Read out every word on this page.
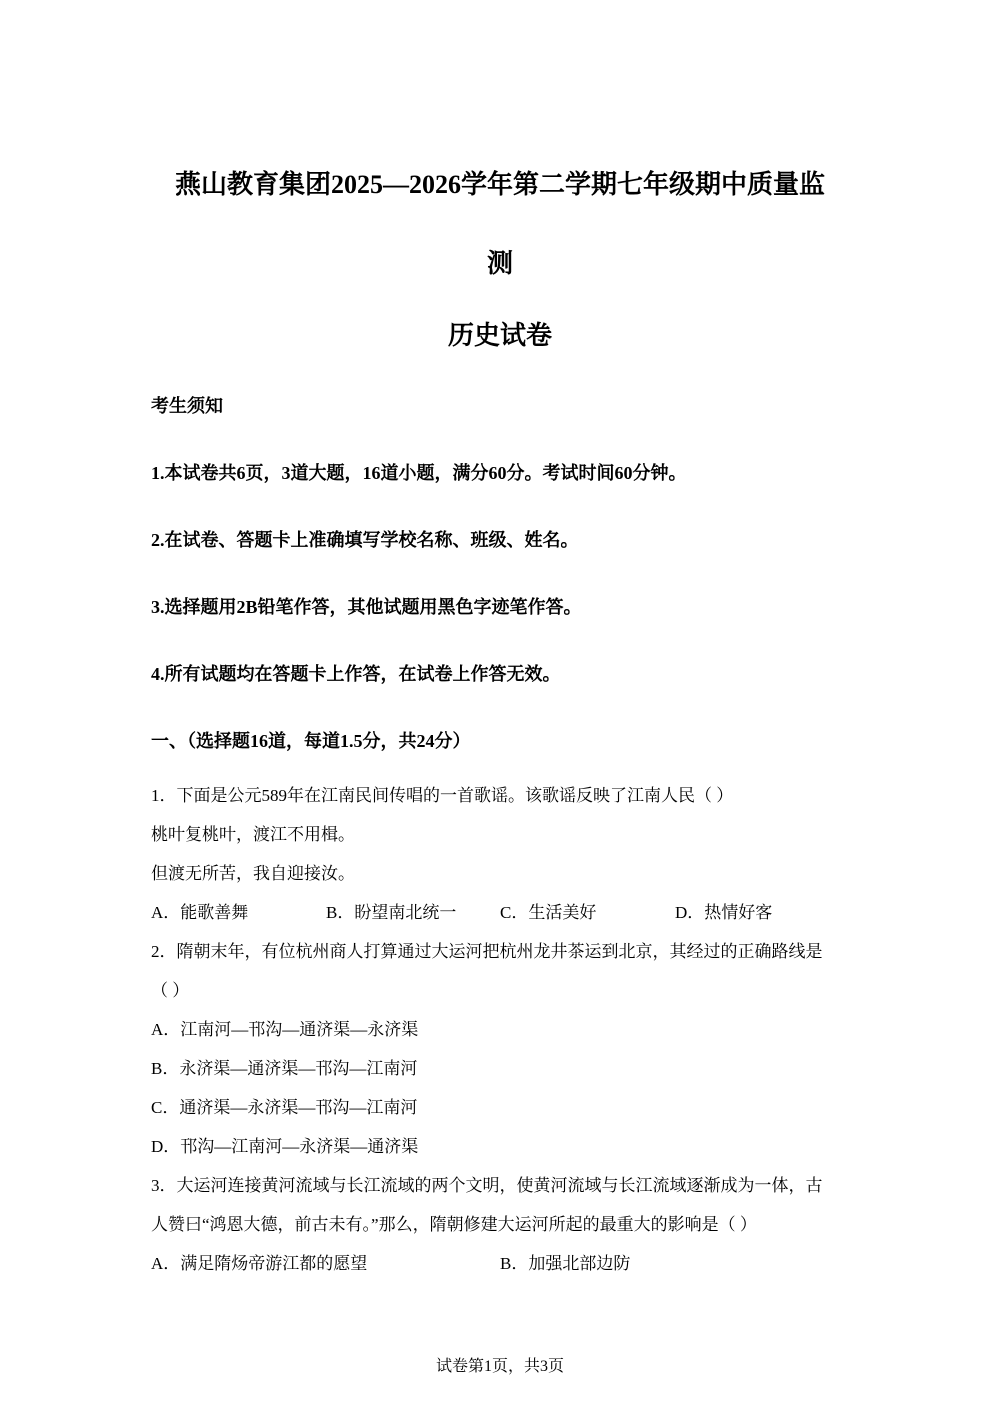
燕山教育集团2025—2026学年第二学期七年级期中质量监
测
历史试卷
考生须知
1.本试卷共6页，3道大题，16道小题，满分60分。考试时间60分钟。
2.在试卷、答题卡上准确填写学校名称、班级、姓名。
3.选择题用2B铅笔作答，其他试题用黑色字迹笔作答。
4.所有试题均在答题卡上作答，在试卷上作答无效。
一、（选择题16道，每道1.5分，共24分）
1．下面是公元589年在江南民间传唱的一首歌谣。该歌谣反映了江南人民（ ）
桃叶复桃叶，渡江不用楫。
但渡无所苦，我自迎接汝。
A．能歌善舞	B．盼望南北统一	C．生活美好	D．热情好客
2．隋朝末年，有位杭州商人打算通过大运河把杭州龙井茶运到北京，其经过的正确路线是
（ ）
A．江南河—邗沟—通济渠—永济渠
B．永济渠—通济渠—邗沟—江南河
C．通济渠—永济渠—邗沟—江南河
D．邗沟—江南河—永济渠—通济渠
3．大运河连接黄河流域与长江流域的两个文明，使黄河流域与长江流域逐渐成为一体，古
人赞曰“鸿恩大德，前古未有。”那么，隋朝修建大运河所起的最重大的影响是（ ）
A．满足隋炀帝游江都的愿望	B．加强北部边防
试卷第1页，共3页
